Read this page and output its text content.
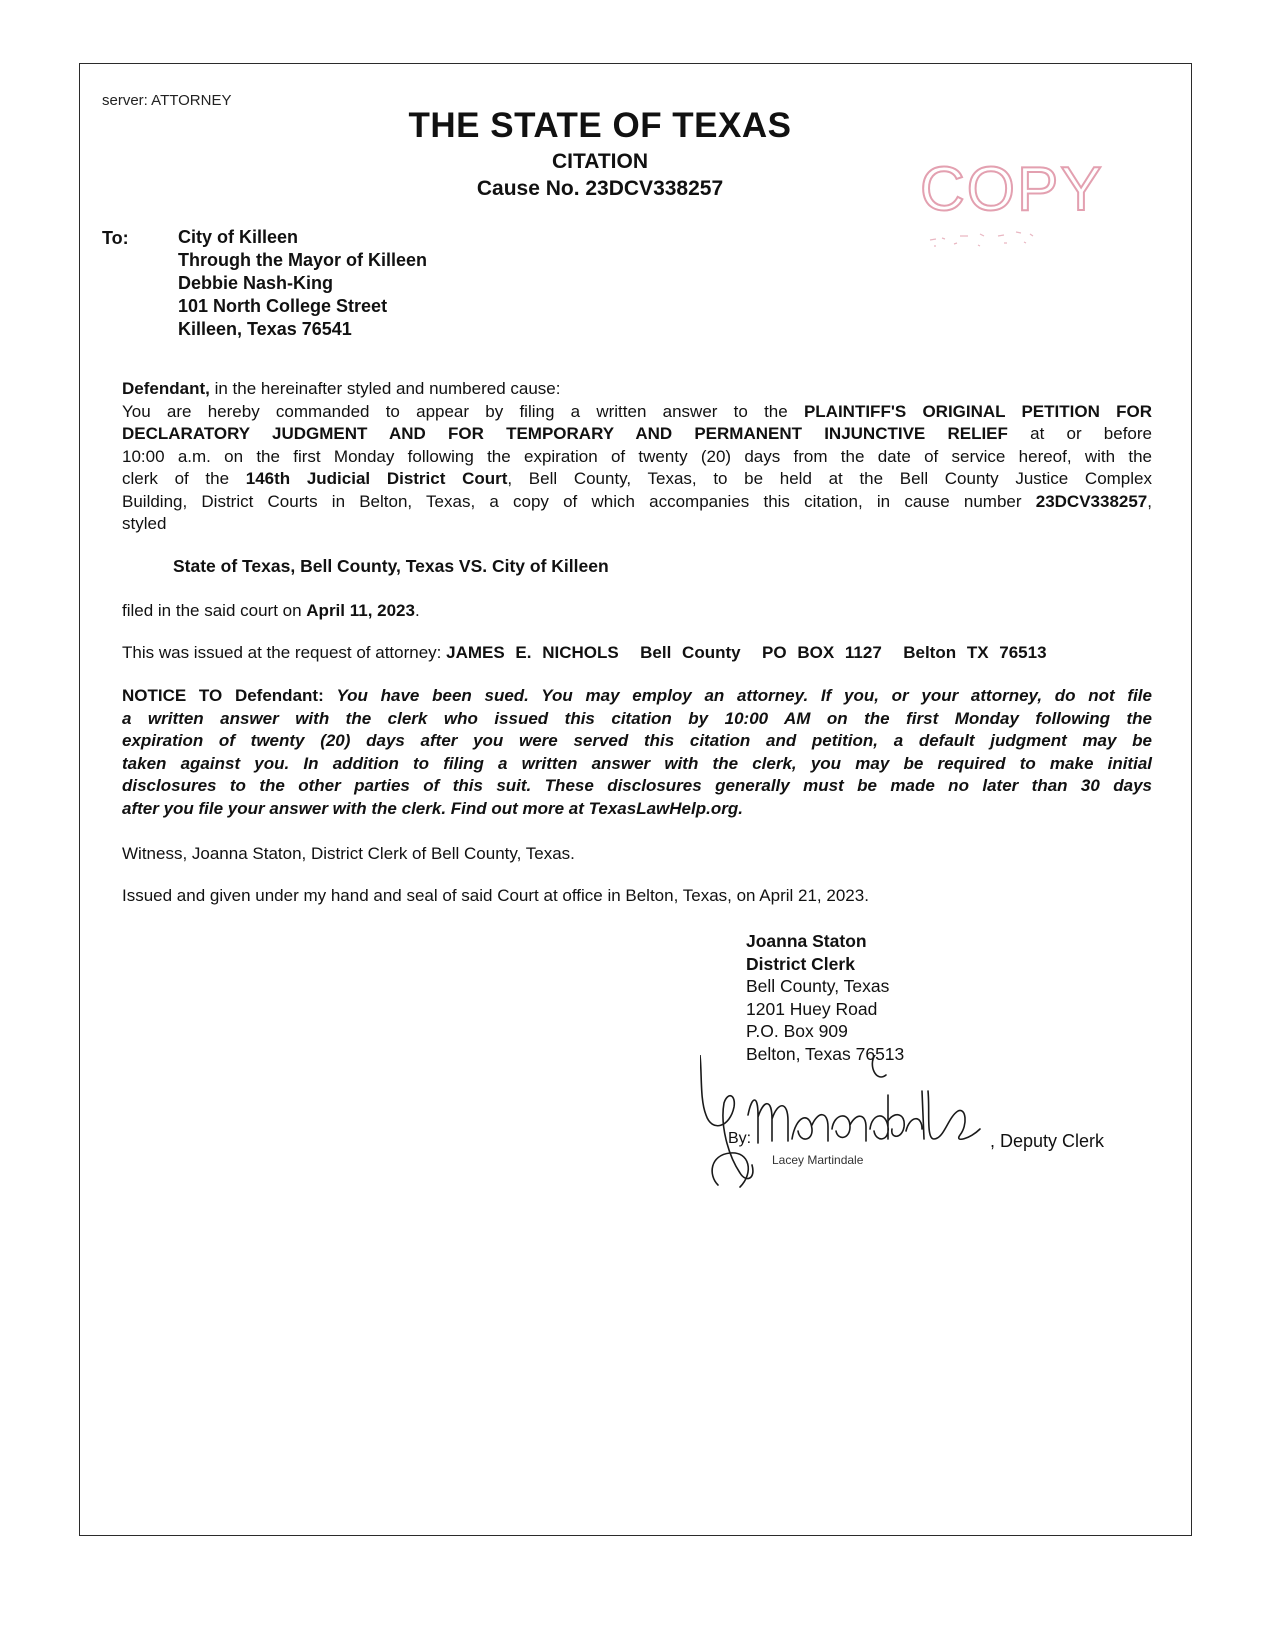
server: ATTORNEY
THE STATE OF TEXAS
CITATION
Cause No. 23DCV338257	COPY
To:	City of Killeen
Through the Mayor of Killeen
Debbie Nash-King
101 North College Street
Killeen, Texas 76541
Defendant, in the hereinafter styled and numbered cause:
You are hereby commanded to appear by filing a written answer to the PLAINTIFF'S ORIGINAL PETITION FOR
DECLARATORY JUDGMENT AND FOR TEMPORARY AND PERMANENT INJUNCTIVE RELIEF at or before
10:00 a.m. on the first Monday following the expiration of twenty (20) days from the date of service hereof, with the
clerk of the 146th Judicial District Court, Bell County, Texas, to be held at the Bell County Justice Complex
Building, District Courts in Belton, Texas, a copy of which accompanies this citation, in cause number 23DCV338257,
styled
State of Texas, Bell County, Texas VS. City of Killeen
filed in the said court on April 11, 2023.
This was issued at the request of attorney: JAMES E. NICHOLS  Bell County  PO BOX 1127  Belton TX 76513
NOTICE TO Defendant: You have been sued. You may employ an attorney. If you, or your attorney, do not file
a written answer with the clerk who issued this citation by 10:00 AM on the first Monday following the
expiration of twenty (20) days after you were served this citation and petition, a default judgment may be
taken against you. In addition to filing a written answer with the clerk, you may be required to make initial
disclosures to the other parties of this suit. These disclosures generally must be made no later than 30 days
after you file your answer with the clerk. Find out more at TexasLawHelp.org.
Witness, Joanna Staton, District Clerk of Bell County, Texas.
Issued and given under my hand and seal of said Court at office in Belton, Texas, on April 21, 2023.
Joanna Staton
District Clerk
Bell County, Texas
1201 Huey Road
P.O. Box 909
Belton, Texas 76513
By:	, Deputy Clerk
Lacey Martindale
